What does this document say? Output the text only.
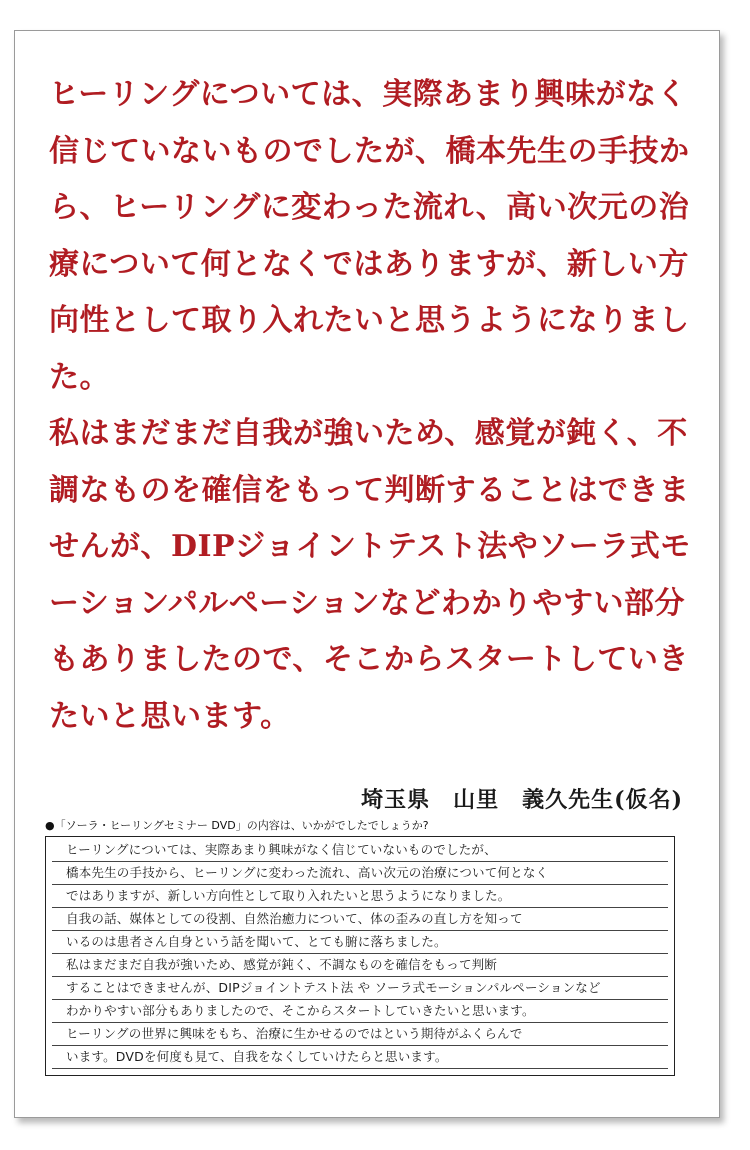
ヒーリングについては、実際あまり興味がなく信じていないものでしたが、橋本先生の手技から、ヒーリングに変わった流れ、高い次元の治療について何となくではありますが、新しい方向性として取り入れたいと思うようになりました。
私はまだまだ自我が強いため、感覚が鈍く、不調なものを確信をもって判断することはできませんが、DIPジョイントテスト法やソーラ式モーションパルペーションなどわかりやすい部分もありましたので、そこからスタートしていきたいと思います。
埼玉県　山里　義久先生(仮名)

●「ソーラ・ヒーリングセミナー DVD」の内容は、いかがでしたでしょうか?

ヒーリングについては、実際あまり興味がなく信じていないものでしたが、
橋本先生の手技から、ヒーリングに変わった流れ、高い次元の治療について何となく
ではありますが、新しい方向性として取り入れたいと思うようになりました。
自我の話、媒体としての役割、自然治癒力について、体の歪みの直し方を知って
いるのは患者さん自身という話を聞いて、とても腑に落ちました。
私はまだまだ自我が強いため、感覚が鈍く、不調なものを確信をもって判断
することはできませんが、DIPジョイントテスト法 や ソーラ式モーションパルペーションなど
わかりやすい部分もありましたので、そこからスタートしていきたいと思います。
ヒーリングの世界に興味をもち、治療に生かせるのではという期待がふくらんで
います。DVDを何度も見て、自我をなくしていけたらと思います。
